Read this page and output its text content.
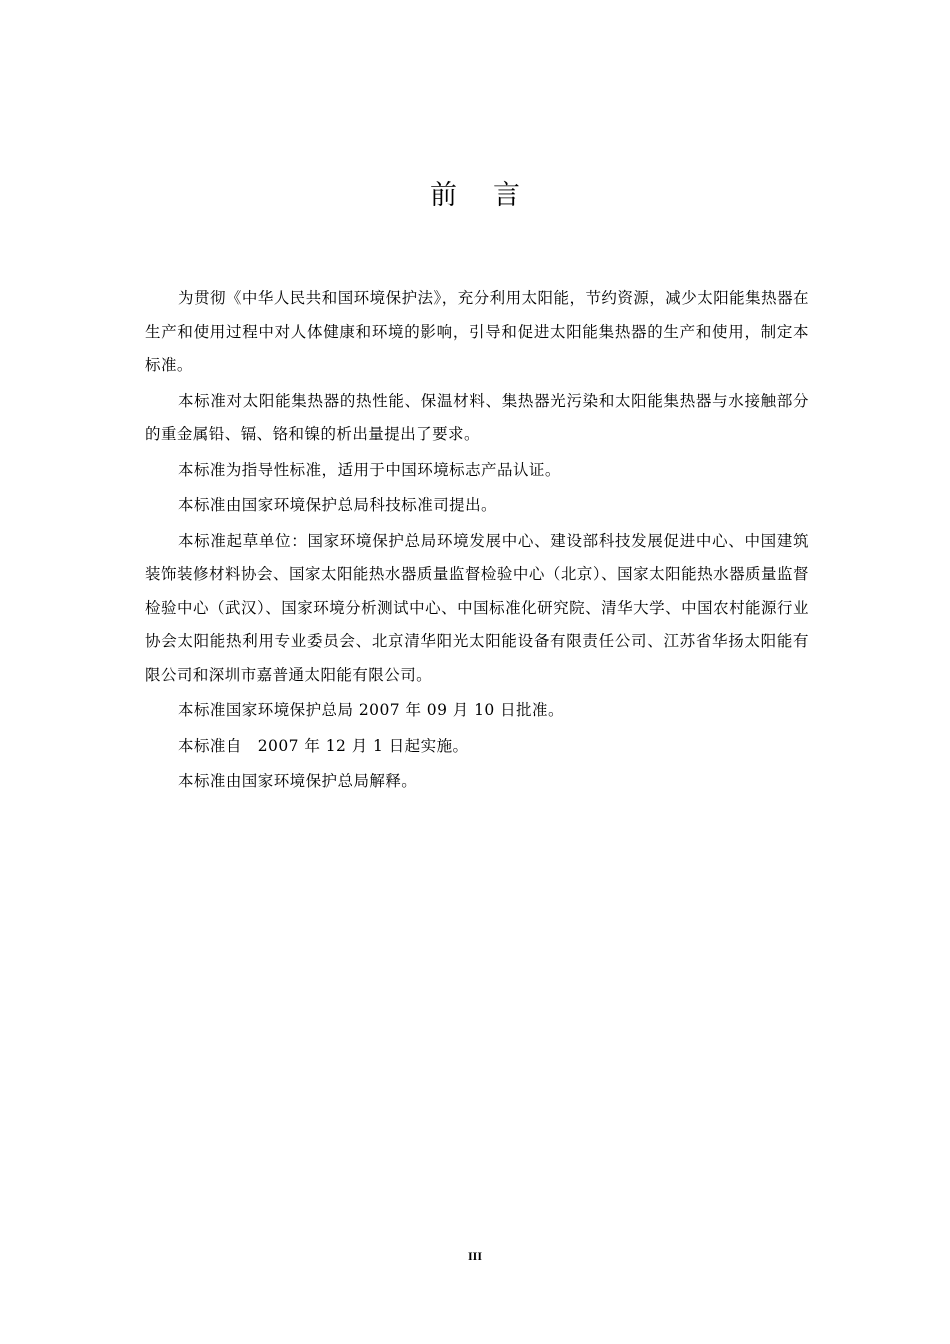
前言

为贯彻《中华人民共和国环境保护法》，充分利用太阳能，节约资源，减少太阳能集热器在生产和使用过程中对人体健康和环境的影响，引导和促进太阳能集热器的生产和使用，制定本标准。

本标准对太阳能集热器的热性能、保温材料、集热器光污染和太阳能集热器与水接触部分的重金属铅、镉、铬和镍的析出量提出了要求。

本标准为指导性标准，适用于中国环境标志产品认证。

本标准由国家环境保护总局科技标准司提出。

本标准起草单位：国家环境保护总局环境发展中心、建设部科技发展促进中心、中国建筑装饰装修材料协会、国家太阳能热水器质量监督检验中心（北京）、国家太阳能热水器质量监督检验中心（武汉）、国家环境分析测试中心、中国标准化研究院、清华大学、中国农村能源行业协会太阳能热利用专业委员会、北京清华阳光太阳能设备有限责任公司、江苏省华扬太阳能有限公司和深圳市嘉普通太阳能有限公司。

本标准国家环境保护总局 2007 年 09 月 10 日批准。

本标准自　2007 年 12 月 1 日起实施。

本标准由国家环境保护总局解释。

III
